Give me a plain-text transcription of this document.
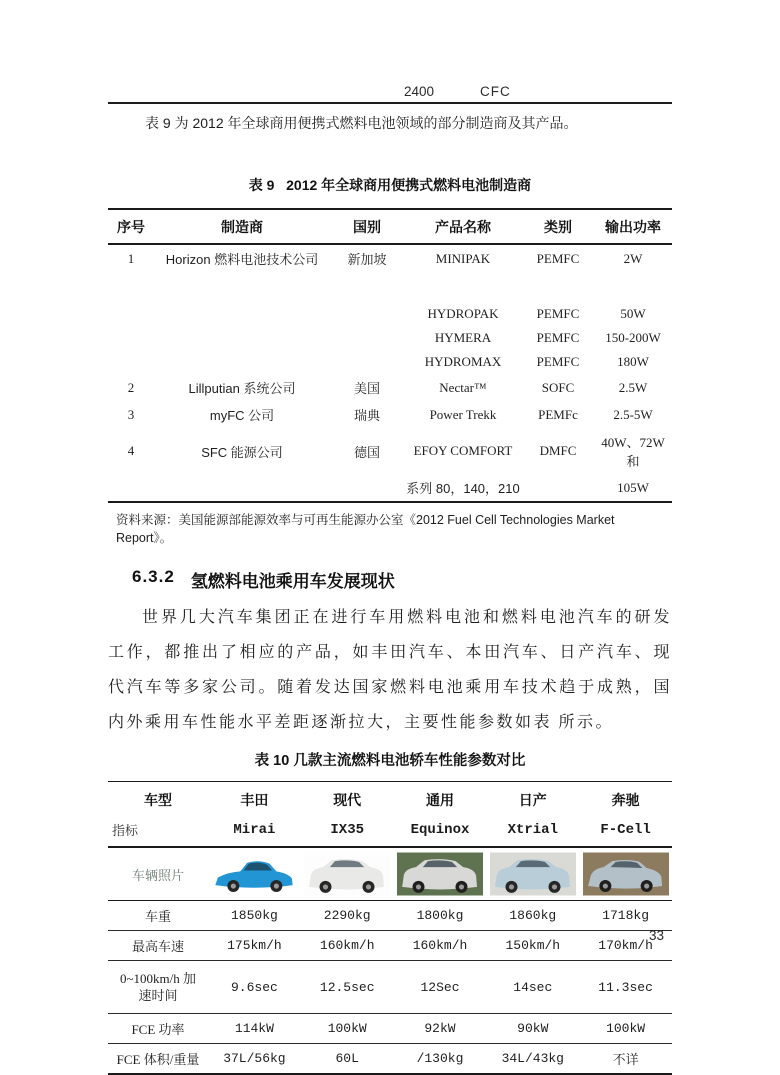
2400	CFC
表 9 为 2012 年全球商用便携式燃料电池领域的部分制造商及其产品。
表 9   2012 年全球商用便携式燃料电池制造商
序号	制造商	国别	产品名称	类别	输出功率
1	Horizon 燃料电池技术公司	新加坡	MINIPAK	PEMFC	2W
			HYDROPAK	PEMFC	50W
			HYMERA	PEMFC	150-200W
			HYDROMAX	PEMFC	180W
2	Lillputian 系统公司	美国	Nectar™	SOFC	2.5W
3	myFC 公司	瑞典	Power Trekk	PEMFc	2.5-5W
4	SFC 能源公司	德国	EFOY COMFORT	DMFC	40W、72W 和
			系列 80，140，210		105W
资料来源：美国能源部能源效率与可再生能源办公室《2012 Fuel Cell Technologies Market Report》。
6.3.2 氢燃料电池乘用车发展现状
世界几大汽车集团正在进行车用燃料电池和燃料电池汽车的研发工作，都推出了相应的产品，如丰田汽车、本田汽车、日产汽车、现代汽车等多家公司。随着发达国家燃料电池乘用车技术趋于成熟，国内外乘用车性能水平差距逐渐拉大，主要性能参数如表 所示。
表 10 几款主流燃料电池轿车性能参数对比
车型	丰田	现代	通用	日产	奔驰
指标	Mirai	IX35	Equinox	Xtrial	F-Cell
车辆照片	

车重	1850kg	2290kg	1800kg	1860kg	1718kg
最高车速	175km/h	160km/h	160km/h	150km/h	170km/h

0~100km/h 加
速时间	9.6sec	12.5sec	12Sec	14sec	11.3sec
FCE 功率	114kW	100kW	92kW	90kW	100kW
FCE 体积/重量	37L/56kg	60L	/130kg	34L/43kg	不详
33
